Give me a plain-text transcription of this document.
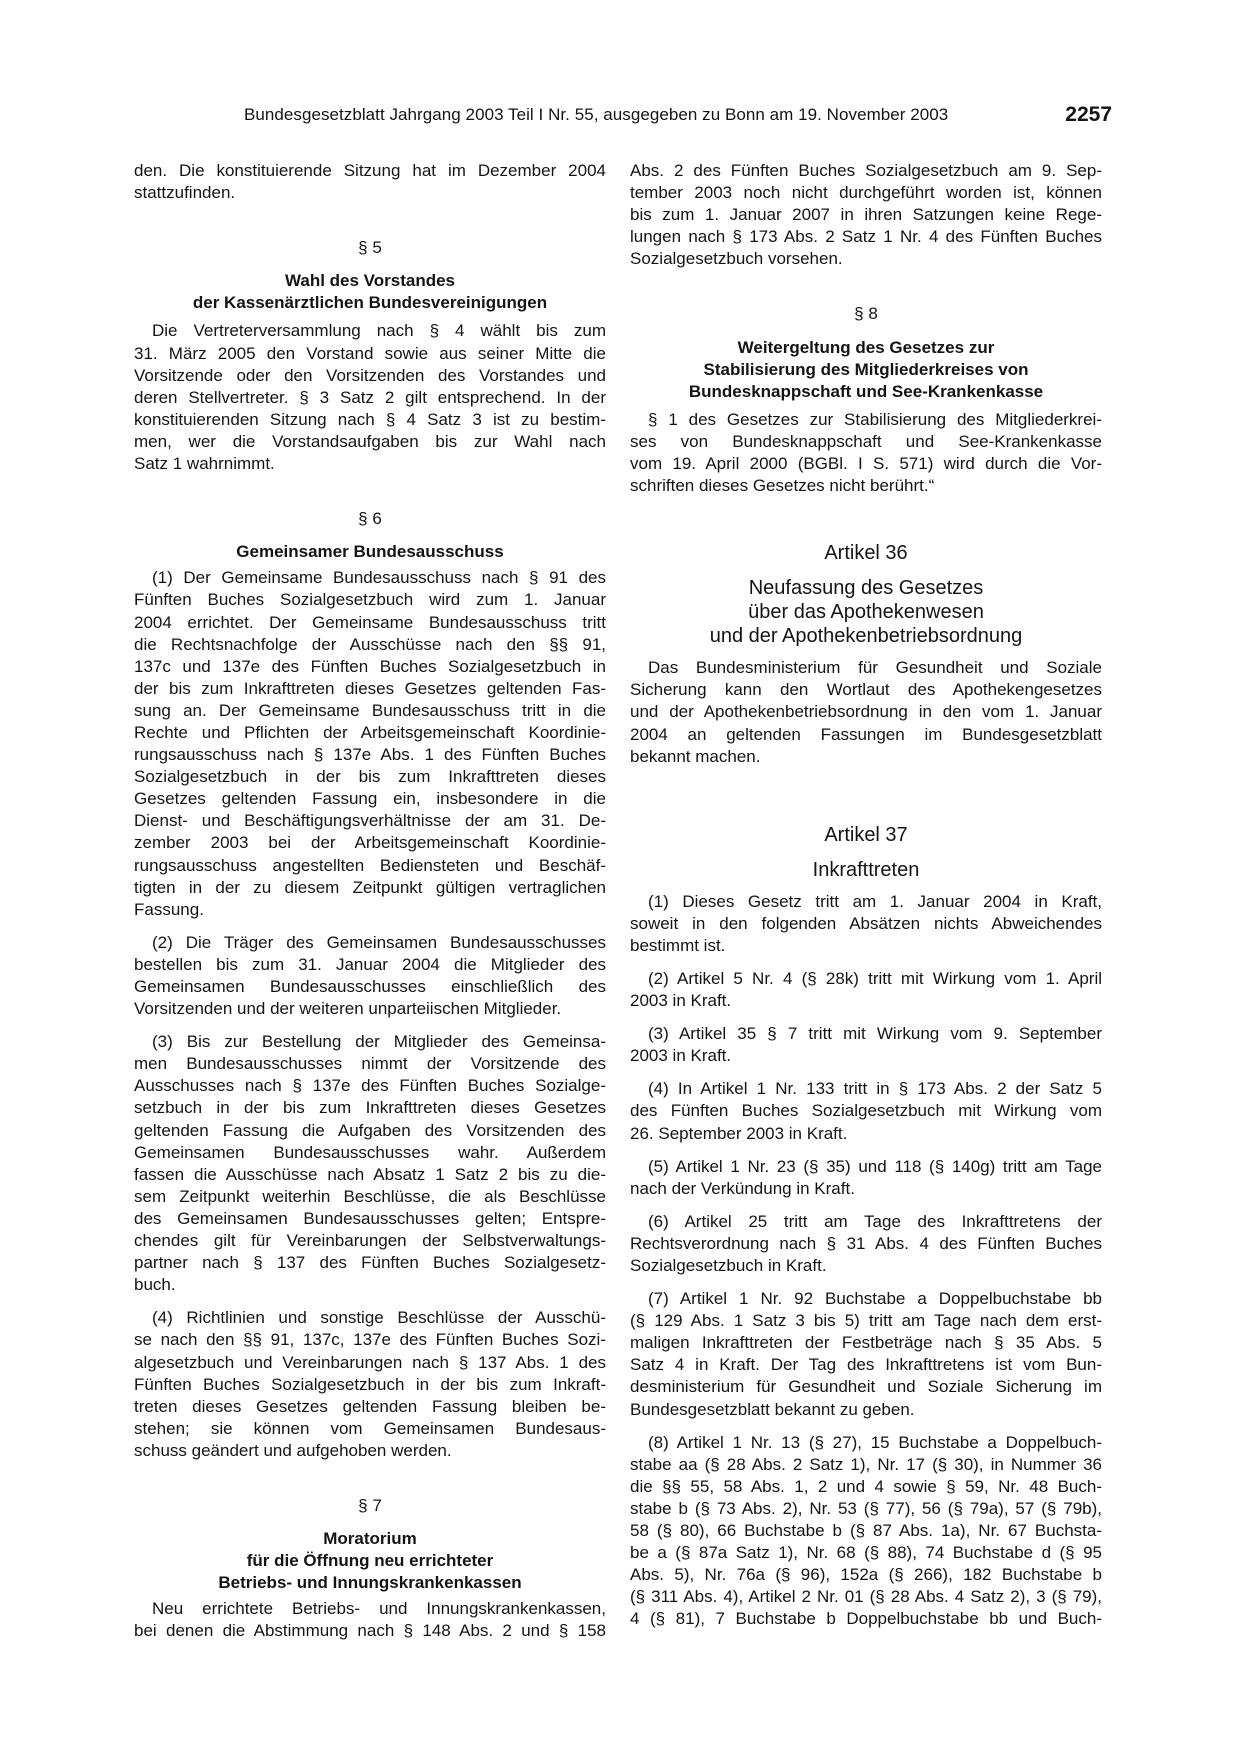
Bundesgesetzblatt Jahrgang 2003 Teil I Nr. 55, ausgegeben zu Bonn am 19. November 2003	2257
den. Die konstituierende Sitzung hat im Dezember 2004
stattzufinden.
§ 5
Wahl des Vorstandes
der Kassenärztlichen Bundesvereinigungen
Die Vertreterversammlung nach § 4 wählt bis zum
31. März 2005 den Vorstand sowie aus seiner Mitte die
Vorsitzende oder den Vorsitzenden des Vorstandes und
deren Stellvertreter. § 3 Satz 2 gilt entsprechend. In der
konstituierenden Sitzung nach § 4 Satz 3 ist zu bestim-
men, wer die Vorstandsaufgaben bis zur Wahl nach
Satz 1 wahrnimmt.
§ 6
Gemeinsamer Bundesausschuss
(1) Der Gemeinsame Bundesausschuss nach § 91 des
Fünften Buches Sozialgesetzbuch wird zum 1. Januar
2004 errichtet. Der Gemeinsame Bundesausschuss tritt
die Rechtsnachfolge der Ausschüsse nach den §§ 91,
137c und 137e des Fünften Buches Sozialgesetzbuch in
der bis zum Inkrafttreten dieses Gesetzes geltenden Fas-
sung an. Der Gemeinsame Bundesausschuss tritt in die
Rechte und Pflichten der Arbeitsgemeinschaft Koordinie-
rungsausschuss nach § 137e Abs. 1 des Fünften Buches
Sozialgesetzbuch in der bis zum Inkrafttreten dieses
Gesetzes geltenden Fassung ein, insbesondere in die
Dienst- und Beschäftigungsverhältnisse der am 31. De-
zember 2003 bei der Arbeitsgemeinschaft Koordinie-
rungsausschuss angestellten Bediensteten und Beschäf-
tigten in der zu diesem Zeitpunkt gültigen vertraglichen
Fassung.
(2) Die Träger des Gemeinsamen Bundesausschusses
bestellen bis zum 31. Januar 2004 die Mitglieder des
Gemeinsamen Bundesausschusses einschließlich des
Vorsitzenden und der weiteren unparteiischen Mitglieder.
(3) Bis zur Bestellung der Mitglieder des Gemeinsa-
men Bundesausschusses nimmt der Vorsitzende des
Ausschusses nach § 137e des Fünften Buches Sozialge-
setzbuch in der bis zum Inkrafttreten dieses Gesetzes
geltenden Fassung die Aufgaben des Vorsitzenden des
Gemeinsamen Bundesausschusses wahr. Außerdem
fassen die Ausschüsse nach Absatz 1 Satz 2 bis zu die-
sem Zeitpunkt weiterhin Beschlüsse, die als Beschlüsse
des Gemeinsamen Bundesausschusses gelten; Entspre-
chendes gilt für Vereinbarungen der Selbstverwaltungs-
partner nach § 137 des Fünften Buches Sozialgesetz-
buch.
(4) Richtlinien und sonstige Beschlüsse der Ausschü-
se nach den §§ 91, 137c, 137e des Fünften Buches Sozi-
algesetzbuch und Vereinbarungen nach § 137 Abs. 1 des
Fünften Buches Sozialgesetzbuch in der bis zum Inkraft-
treten dieses Gesetzes geltenden Fassung bleiben be-
stehen; sie können vom Gemeinsamen Bundesaus-
schuss geändert und aufgehoben werden.
§ 7
Moratorium
für die Öffnung neu errichteter
Betriebs- und Innungskrankenkassen
Neu errichtete Betriebs- und Innungskrankenkassen,
bei denen die Abstimmung nach § 148 Abs. 2 und § 158
Abs. 2 des Fünften Buches Sozialgesetzbuch am 9. Sep-
tember 2003 noch nicht durchgeführt worden ist, können
bis zum 1. Januar 2007 in ihren Satzungen keine Rege-
lungen nach § 173 Abs. 2 Satz 1 Nr. 4 des Fünften Buches
Sozialgesetzbuch vorsehen.
§ 8
Weitergeltung des Gesetzes zur
Stabilisierung des Mitgliederkreises von
Bundesknappschaft und See-Krankenkasse
§ 1 des Gesetzes zur Stabilisierung des Mitgliederkrei-
ses von Bundesknappschaft und See-Krankenkasse
vom 19. April 2000 (BGBl. I S. 571) wird durch die Vor-
schriften dieses Gesetzes nicht berührt.“
Artikel 36
Neufassung des Gesetzes
über das Apothekenwesen
und der Apothekenbetriebsordnung
Das Bundesministerium für Gesundheit und Soziale
Sicherung kann den Wortlaut des Apothekengesetzes
und der Apothekenbetriebsordnung in den vom 1. Januar
2004 an geltenden Fassungen im Bundesgesetzblatt
bekannt machen.
Artikel 37
Inkrafttreten
(1) Dieses Gesetz tritt am 1. Januar 2004 in Kraft,
soweit in den folgenden Absätzen nichts Abweichendes
bestimmt ist.
(2) Artikel 5 Nr. 4 (§ 28k) tritt mit Wirkung vom 1. April
2003 in Kraft.
(3) Artikel 35 § 7 tritt mit Wirkung vom 9. September
2003 in Kraft.
(4) In Artikel 1 Nr. 133 tritt in § 173 Abs. 2 der Satz 5
des Fünften Buches Sozialgesetzbuch mit Wirkung vom
26. September 2003 in Kraft.
(5) Artikel 1 Nr. 23 (§ 35) und 118 (§ 140g) tritt am Tage
nach der Verkündung in Kraft.
(6) Artikel 25 tritt am Tage des Inkrafttretens der
Rechtsverordnung nach § 31 Abs. 4 des Fünften Buches
Sozialgesetzbuch in Kraft.
(7) Artikel 1 Nr. 92 Buchstabe a Doppelbuchstabe bb
(§ 129 Abs. 1 Satz 3 bis 5) tritt am Tage nach dem erst-
maligen Inkrafttreten der Festbeträge nach § 35 Abs. 5
Satz 4 in Kraft. Der Tag des Inkrafttretens ist vom Bun-
desministerium für Gesundheit und Soziale Sicherung im
Bundesgesetzblatt bekannt zu geben.
(8) Artikel 1 Nr. 13 (§ 27), 15 Buchstabe a Doppelbuch-
stabe aa (§ 28 Abs. 2 Satz 1), Nr. 17 (§ 30), in Nummer 36
die §§ 55, 58 Abs. 1, 2 und 4 sowie § 59, Nr. 48 Buch-
stabe b (§ 73 Abs. 2), Nr. 53 (§ 77), 56 (§ 79a), 57 (§ 79b),
58 (§ 80), 66 Buchstabe b (§ 87 Abs. 1a), Nr. 67 Buchsta-
be a (§ 87a Satz 1), Nr. 68 (§ 88), 74 Buchstabe d (§ 95
Abs. 5), Nr. 76a (§ 96), 152a (§ 266), 182 Buchstabe b
(§ 311 Abs. 4), Artikel 2 Nr. 01 (§ 28 Abs. 4 Satz 2), 3 (§ 79),
4 (§ 81), 7 Buchstabe b Doppelbuchstabe bb und Buch-
